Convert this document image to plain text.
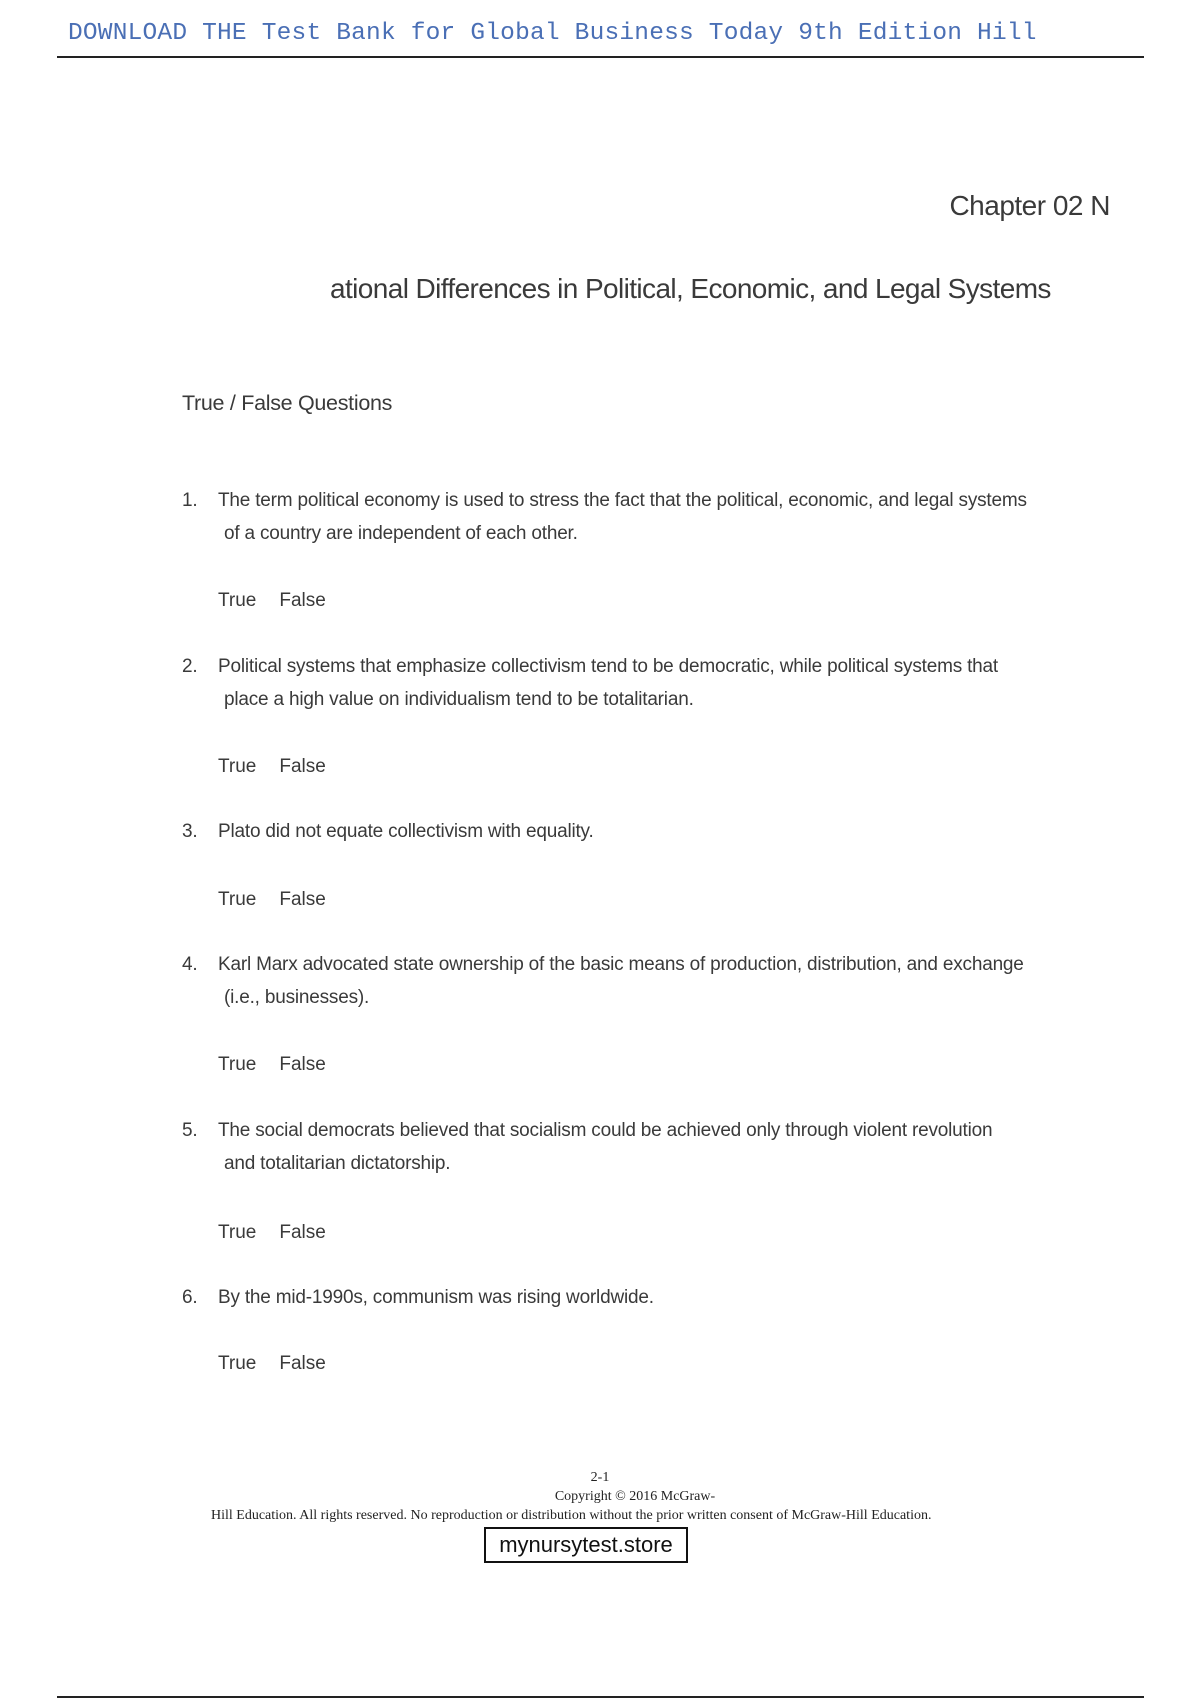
DOWNLOAD THE Test Bank for Global Business Today 9th Edition Hill
Chapter 02 N
ational Differences in Political, Economic, and Legal Systems
True / False Questions
1. The term political economy is used to stress the fact that the political, economic, and legal systems
of a country are independent of each other.
True False
2. Political systems that emphasize collectivism tend to be democratic, while political systems that
place a high value on individualism tend to be totalitarian.
True False
3. Plato did not equate collectivism with equality.
True False
4. Karl Marx advocated state ownership of the basic means of production, distribution, and exchange
(i.e., businesses).
True False
5. The social democrats believed that socialism could be achieved only through violent revolution
and totalitarian dictatorship.
True False
6. By the mid-1990s, communism was rising worldwide.
True False
2-1
Copyright © 2016 McGraw-
Hill Education. All rights reserved. No reproduction or distribution without the prior written consent of McGraw-Hill Education.
mynursytest.store
